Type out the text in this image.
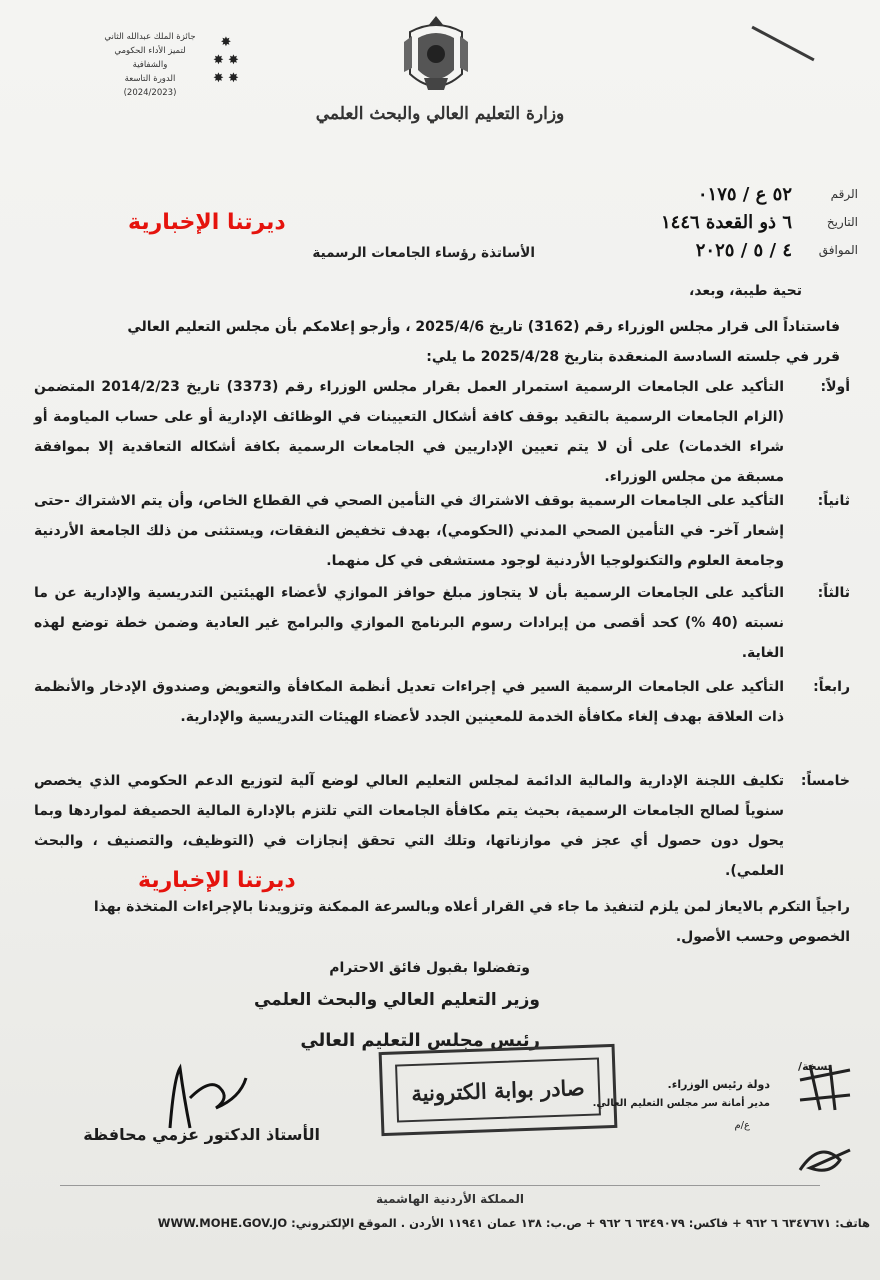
جائزة الملك عبدالله الثاني
لتميز الأداء الحكومي والشفافية
الدورة التاسعة
(2024/2023)
✸
✸ ✸
✸ ✸
وزارة التعليم العالي والبحث العلمي
الرقم
٥٢ ع / ٠١٧٥
التاريخ
٦ ذو القعدة ١٤٤٦
الموافق
٤ / ٥ / ٢٠٢٥
ديرتنا الإخبارية
الأساتذة رؤساء الجامعات الرسمية
تحية طيبة، وبعد،
فاستناداً الى قرار مجلس الوزراء رقم (3162) تاريخ 2025/4/6 ، وأرجو إعلامكم بأن مجلس التعليم العالي
قرر في جلسته السادسة المنعقدة بتاريخ 2025/4/28 ما يلي:
أولاً:
التأكيد على الجامعات الرسمية استمرار العمل بقرار مجلس الوزراء رقم (3373) تاريخ 2014/2/23 المتضمن (الزام الجامعات الرسمية بالتقيد بوقف كافة أشكال التعيينات في الوظائف الإدارية أو على حساب المياومة أو شراء الخدمات) على أن لا يتم تعيين الإداريين في الجامعات الرسمية بكافة أشكاله التعاقدية إلا بموافقة مسبقة من مجلس الوزراء.
ثانياً:
التأكيد على الجامعات الرسمية بوقف الاشتراك في التأمين الصحي في القطاع الخاص، وأن يتم الاشتراك -حتى إشعار آخر- في التأمين الصحي المدني (الحكومي)، بهدف تخفيض النفقات، ويستثنى من ذلك الجامعة الأردنية وجامعة العلوم والتكنولوجيا الأردنية لوجود مستشفى في كل منهما.
ثالثاً:
التأكيد على الجامعات الرسمية بأن لا يتجاوز مبلغ حوافز الموازي لأعضاء الهيئتين التدريسية والإدارية عن ما نسبته (40 %) كحد أقصى من إيرادات رسوم البرنامج الموازي والبرامج غير العادية وضمن خطة توضع لهذه الغاية.
رابعاً:
التأكيد على الجامعات الرسمية السير في إجراءات تعديل أنظمة المكافأة والتعويض وصندوق الإدخار والأنظمة ذات العلاقة بهدف إلغاء مكافأة الخدمة للمعينين الجدد لأعضاء الهيئات التدريسية والإدارية.
خامساً:
تكليف اللجنة الإدارية والمالية الدائمة لمجلس التعليم العالي لوضع آلية لتوزيع الدعم الحكومي الذي يخصص سنوياً لصالح الجامعات الرسمية، بحيث يتم مكافأة الجامعات التي تلتزم بالإدارة المالية الحصيفة لمواردها وبما يحول دون حصول أي عجز في موازناتها، وتلك التي تحقق إنجازات في (التوظيف، والتصنيف ، والبحث العلمي).
ديرتنا الإخبارية
راجياً التكرم بالايعاز لمن يلزم لتنفيذ ما جاء في القرار أعلاه وبالسرعة الممكنة وتزويدنا بالإجراءات المتخذة بهذا الخصوص وحسب الأصول.
وتفضلوا بقبول فائق الاحترام
وزير التعليم العالي والبحث العلمي
رئيس مجلس التعليم العالي
الأستاذ الدكتور عزمي محافظة
صادر بوابة الكترونية
نسخة/
دولة رئيس الوزراء.
مدير أمانة سر مجلس التعليم العالي.
ع/م
المملكة الأردنية الهاشمية
هاتف: ٦٣٤٧٦٧١ ٦ ٩٦٢ + فاكس: ٦٣٤٩٠٧٩ ٦ ٩٦٢ + ص.ب: ١٣٨ عمان ١١٩٤١ الأردن . الموقع الإلكتروني: WWW.MOHE.GOV.JO
